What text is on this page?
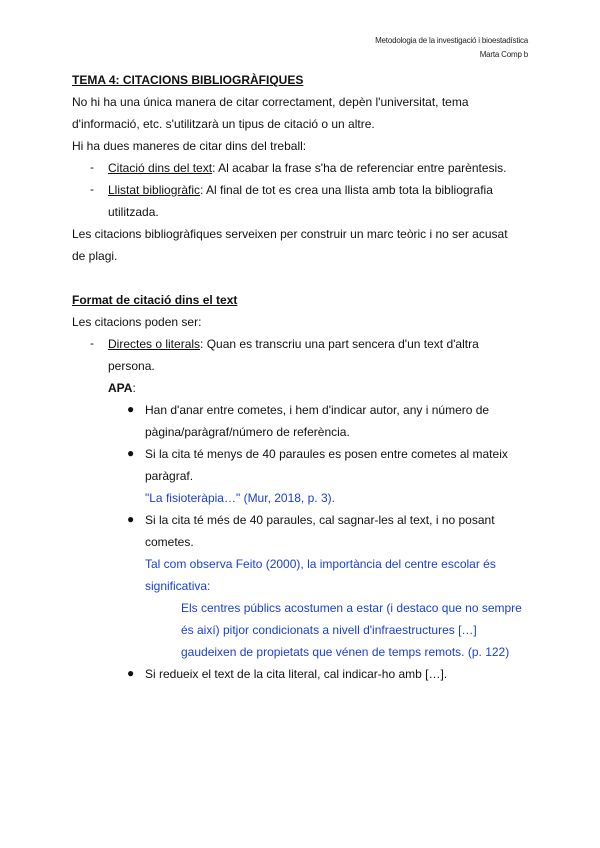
Metodologia de la investigació i bioestadística
Marta Comp b
TEMA 4: CITACIONS BIBLIOGRÀFIQUES
No hi ha una única manera de citar correctament, depèn l'universitat, tema
d'informació, etc. s'utilitzarà un tipus de citació o un altre.
Hi ha dues maneres de citar dins del treball:
- Citació dins del text: Al acabar la frase s'ha de referenciar entre parèntesis.
- Llistat bibliogràfic: Al final de tot es crea una llista amb tota la bibliografia
utilitzada.
Les citacions bibliogràfiques serveixen per construir un marc teòric i no ser acusat
de plagi.
Format de citació dins el text
Les citacions poden ser:
- Directes o literals: Quan es transcriu una part sencera d'un text d'altra
persona.
APA:
● Han d'anar entre cometes, i hem d'indicar autor, any i número de
pàgina/paràgraf/número de referència.
● Si la cita té menys de 40 paraules es posen entre cometes al mateix
paràgraf.
"La fisioteràpia…" (Mur, 2018, p. 3).
● Si la cita té més de 40 paraules, cal sagnar-les al text, i no posant
cometes.
Tal com observa Feito (2000), la importància del centre escolar és
significativa:
Els centres públics acostumen a estar (i destaco que no sempre
és així) pitjor condicionats a nivell d'infraestructures […]
gaudeixen de propietats que vénen de temps remots. (p. 122)
● Si redueix el text de la cita literal, cal indicar-ho amb […].
